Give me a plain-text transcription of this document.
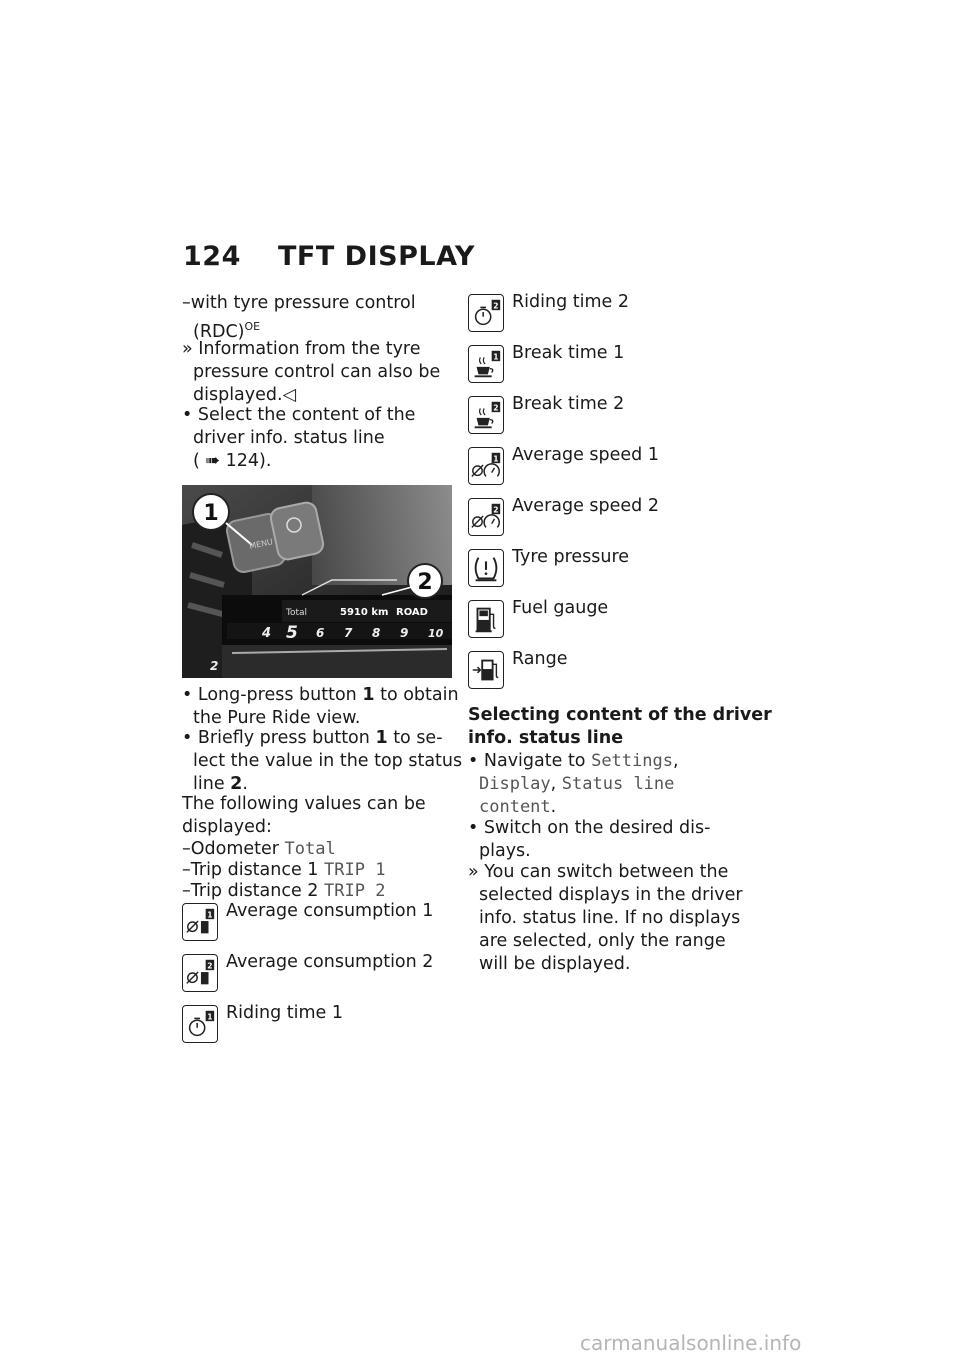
124 TFT DISPLAY
–with tyre pressure control
(RDC)$^{OE}$
» Information from the tyre
pressure control can also be
displayed.◁
• Select the content of the
driver info. status line
( ➠ 124).
1
2
MENU
Total	5910 km ROAD
4 5 6 7 8 9 10
2
• Long-press button 1 to obtain
the Pure Ride view.
• Briefly press button 1 to se-
lect the value in the top status
line 2.
The following values can be
displayed:
–Odometer Total
–Trip distance 1 TRIP 1
–Trip distance 2 TRIP 2
1 Average consumption 1
2 Average consumption 2
1 Riding time 1
2 Riding time 2
1 Break time 1
2 Break time 2
1 Average speed 1
2 Average speed 2
Tyre pressure
Fuel gauge
Range
Selecting content of the driver
info. status line
• Navigate to Settings,
Display, Status line
content.
• Switch on the desired dis-
plays.
» You can switch between the
selected displays in the driver
info. status line. If no displays
are selected, only the range
will be displayed.
carmanualsonline.info
